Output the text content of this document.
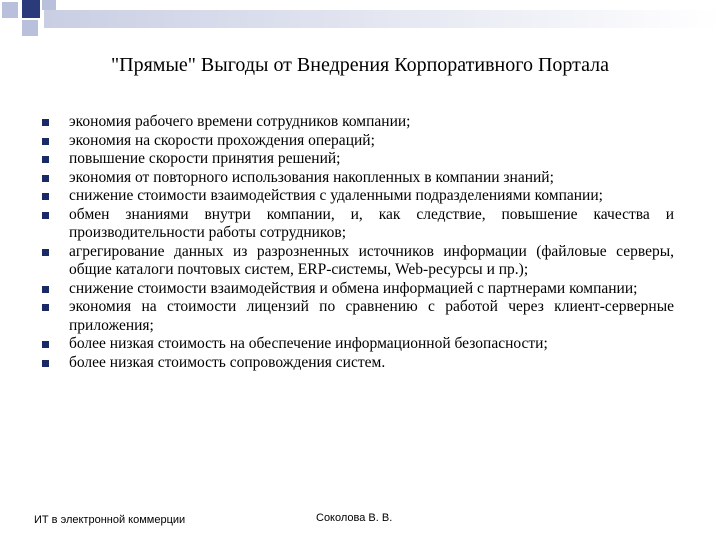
"Прямые" Выгоды от Внедрения Корпоративного Портала
экономия рабочего времени сотрудников компании;
экономия на скорости прохождения операций;
повышение скорости принятия решений;
экономия от повторного использования накопленных в компании знаний;
снижение стоимости взаимодействия с удаленными подразделениями компании;
обмен знаниями внутри компании, и, как следствие, повышение качества и производительности работы сотрудников;
агрегирование данных из разрозненных источников информации (файловые серверы, общие каталоги почтовых систем, ERP-системы, Web-ресурсы и пр.);
снижение стоимости взаимодействия и обмена информацией с партнерами компании;
экономия на стоимости лицензий по сравнению с работой через клиент-серверные приложения;
более низкая стоимость на обеспечение информационной безопасности;
более низкая стоимость сопровождения систем.
ИТ в электронной коммерции	Соколова В. В.
